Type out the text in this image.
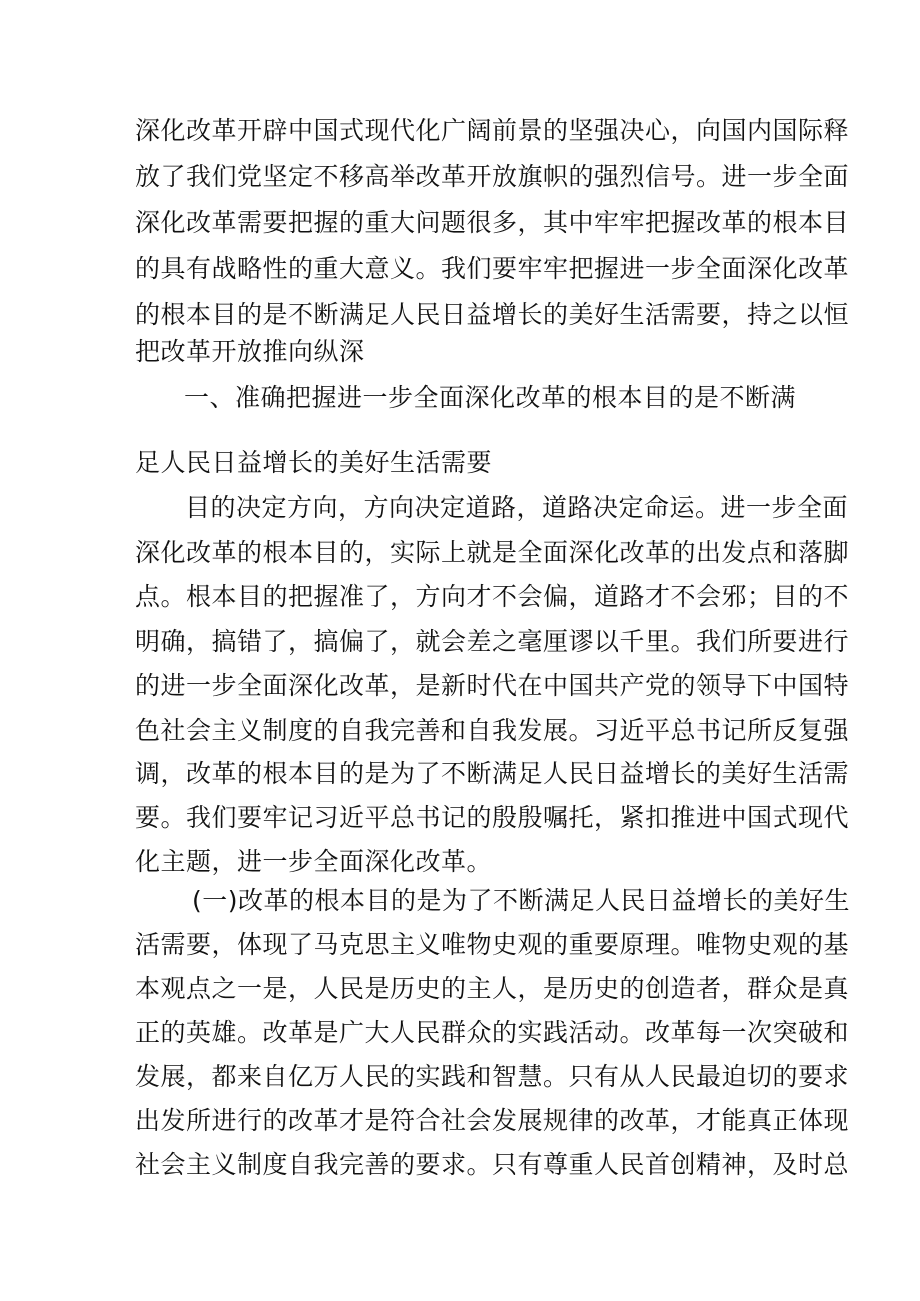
深化改革开辟中国式现代化广阔前景的坚强决心，向国内国际释
放了我们党坚定不移高举改革开放旗帜的强烈信号。进一步全面
深化改革需要把握的重大问题很多，其中牢牢把握改革的根本目
的具有战略性的重大意义。我们要牢牢把握进一步全面深化改革
的根本目的是不断满足人民日益增长的美好生活需要，持之以恒
把改革开放推向纵深
一、准确把握进一步全面深化改革的根本目的是不断满
足人民日益增长的美好生活需要
目的决定方向，方向决定道路，道路决定命运。进一步全面
深化改革的根本目的，实际上就是全面深化改革的出发点和落脚
点。根本目的把握准了，方向才不会偏，道路才不会邪；目的不
明确，搞错了，搞偏了，就会差之毫厘谬以千里。我们所要进行
的进一步全面深化改革，是新时代在中国共产党的领导下中国特
色社会主义制度的自我完善和自我发展。习近平总书记所反复强
调，改革的根本目的是为了不断满足人民日益增长的美好生活需
要。我们要牢记习近平总书记的殷殷嘱托，紧扣推进中国式现代
化主题，进一步全面深化改革。
(一)改革的根本目的是为了不断满足人民日益增长的美好生
活需要，体现了马克思主义唯物史观的重要原理。唯物史观的基
本观点之一是，人民是历史的主人，是历史的创造者，群众是真
正的英雄。改革是广大人民群众的实践活动。改革每一次突破和
发展，都来自亿万人民的实践和智慧。只有从人民最迫切的要求
出发所进行的改革才是符合社会发展规律的改革，才能真正体现
社会主义制度自我完善的要求。只有尊重人民首创精神，及时总
